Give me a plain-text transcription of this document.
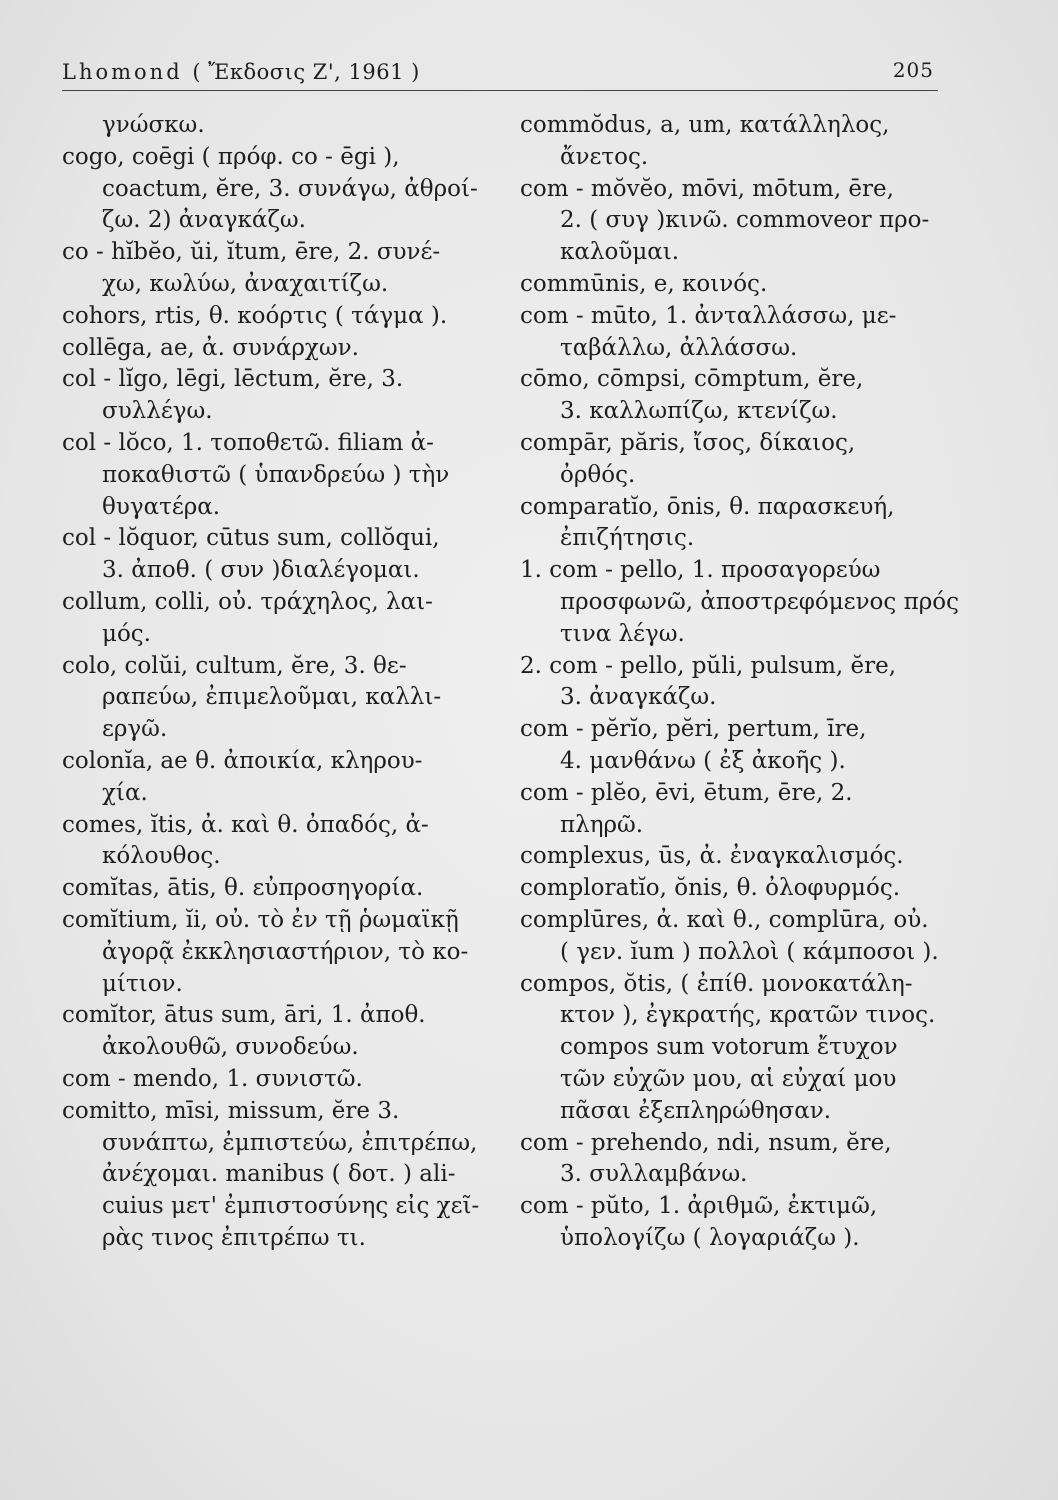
Lhomond ( Ἔκδοσις Ζ', 1961 )	205
γνώσκω.
cogo, coēgi ( πρόφ. co - ēgi ),
coactum, ĕre, 3. συνάγω, ἀθροί-
ζω. 2) ἀναγκάζω.
co - hĭbĕo, ŭi, ĭtum, ēre, 2. συνέ-
χω, κωλύω, ἀναχαιτίζω.
cohors, rtis, θ. κοόρτις ( τάγμα ).
collēga, ae, ἀ. συνάρχων.
col - lĭgo, lēgi, lēctum, ĕre, 3.
συλλέγω.
col - lŏco, 1. τοποθετῶ. filiam ἀ-
ποκαθιστῶ ( ὑπανδρεύω ) τὴν
θυγατέρα.
col - lŏquor, cūtus sum, collŏqui,
3. ἀποθ. ( συν )διαλέγομαι.
collum, colli, οὐ. τράχηλος, λαι-
μός.
colo, colŭi, cultum, ĕre, 3. θε-
ραπεύω, ἐπιμελοῦμαι, καλλι-
εργῶ.
colonĭa, ae θ. ἀποικία, κληρου-
χία.
comes, ĭtis, ἀ. καὶ θ. ὀπαδός, ἀ-
κόλουθος.
comĭtas, ātis, θ. εὐπροσηγορία.
comĭtium, ĭi, οὐ. τὸ ἐν τῇ ῥωμαϊκῇ
ἀγορᾷ ἐκκλησιαστήριον, τὸ κο-
μίτιον.
comĭtor, ātus sum, āri, 1. ἀποθ.
ἀκολουθῶ, συνοδεύω.
com - mendo, 1. συνιστῶ.
comitto, mīsi, missum, ĕre 3.
συνάπτω, ἐμπιστεύω, ἐπιτρέπω,
ἀνέχομαι. manibus ( δοτ. ) ali-
cuius μετ' ἐμπιστοσύνης εἰς χεῖ-
ρὰς τινος ἐπιτρέπω τι.
commŏdus, a, um, κατάλληλος,
ἄνετος.
com - mŏvĕo, mōvi, mōtum, ēre,
2. ( συγ )κινῶ. commoveor προ-
καλοῦμαι.
commūnis, e, κοινός.
com - mūto, 1. ἀνταλλάσσω, με-
ταβάλλω, ἀλλάσσω.
cōmo, cōmpsi, cōmptum, ĕre,
3. καλλωπίζω, κτενίζω.
compār, păris, ἴσος, δίκαιος,
ὀρθός.
comparatĭo, ōnis, θ. παρασκευή,
ἐπιζήτησις.
1. com - pello, 1. προσαγορεύω
προσφωνῶ, ἀποστρεφόμενος πρός
τινα λέγω.
2. com - pello, pŭli, pulsum, ĕre,
3. ἀναγκάζω.
com - pĕrĭo, pĕri, pertum, īre,
4. μανθάνω ( ἐξ ἀκοῆς ).
com - plĕo, ēvi, ētum, ēre, 2.
πληρῶ.
complexus, ūs, ἀ. ἐναγκαλισμός.
comploratĭo, ŏnis, θ. ὀλοφυρμός.
complūres, ἀ. καὶ θ., complūra, οὐ.
( γεν. ĭum ) πολλοὶ ( κάμποσοι ).
compos, ŏtis, ( ἐπίθ. μονοκατάλη-
κτον ), ἐγκρατής, κρατῶν τινος.
compos sum votorum ἔτυχον
τῶν εὐχῶν μου, αἱ εὐχαί μου
πᾶσαι ἐξεπληρώθησαν.
com - prehendo, ndi, nsum, ĕre,
3. συλλαμβάνω.
com - pŭto, 1. ἀριθμῶ, ἐκτιμῶ,
ὑπολογίζω ( λογαριάζω ).
